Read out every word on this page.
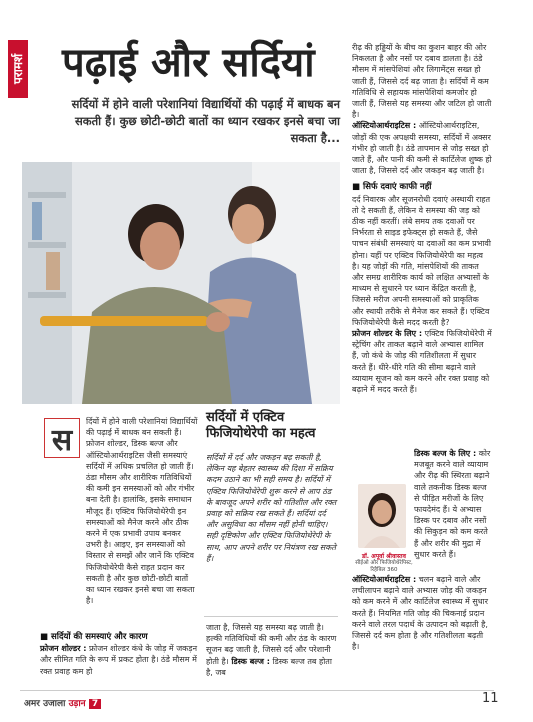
परामर्श पढ़ाई और सर्दियां
सर्दियों में होने वाली परेशानियां विद्यार्थियों की पढ़ाई में बाधक बन सकती हैं। कुछ छोटी-छोटी बातों का ध्यान रखकर इनसे बचा जा सकता है...
स
र्दियों में होने वाली परेशानियां विद्यार्थियों की पढ़ाई में बाधक बन सकती हैं। फ्रोजन शोल्डर, डिस्क बल्ज और ऑस्टियोआर्थराइटिस जैसी समस्याएं सर्दियों में अधिक प्रचलित हो जाती हैं। ठंडा मौसम और शारीरिक गतिविधियों की कमी इन समस्याओं को और गंभीर बना देती है। हालांकि, इसके समाधान
मौजूद हैं। एक्टिव फिजियोथेरेपी इन समस्याओं को मैनेज करने और ठीक करने में एक प्रभावी उपाय बनकर उभरी है। आइए, इन समस्याओं को विस्तार से समझें और जानें कि एक्टिव फिजियोथेरेपी कैसे राहत प्रदान कर सकती है और कुछ छोटी-छोटी बातों का ध्यान रखकर इनसे बचा जा सकता है।
■ सर्दियों की समस्याएं और कारण
फ्रोजन शोल्डर : फ्रोजन शोल्डर कंधे के जोड़ में जकड़न और सीमित गति के रूप में प्रकट होता है। ठंडे मौसम में रक्त प्रवाह कम हो
सर्दियों में एक्टिव फिजियोथेरेपी का महत्व
सर्दियों में दर्द और जकड़न बढ़ सकती है, लेकिन यह बेहतर स्वास्थ्य की दिशा में सक्रिय कदम उठाने का भी सही समय है। सर्दियों में एक्टिव फिजियोथेरेपी शुरू करने से आप ठंड के बावजूद अपने शरीर को गतिशील और रक्त प्रवाह को सक्रिय रख सकते हैं। सर्दियां दर्द और असुविधा का मौसम नहीं होनी चाहिए। सही दृष्टिकोण और एक्टिव फिजियोथेरेपी के साथ, आप अपने शरीर पर नियंत्रण रख सकते हैं।
जाता है, जिससे यह समस्या बढ़ जाती है। हल्की गतिविधियों की कमी और ठंड के कारण सूजन बढ़ जाती है, जिससे दर्द और परेशानी होती है। डिस्क बल्ज : डिस्क बल्ज तब होता है, जब
रीढ़ की हड्डियों के बीच का कुशन बाहर की ओर निकलता है और नसों पर दबाव डालता है। ठंडे मौसम में मांसपेशियां और लिगामेंट्स सख्त हो जाती हैं, जिससे दर्द बढ़ जाता है। सर्दियों में कम गतिविधि से सहायक मांसपेशियां कमजोर हो जाती हैं, जिससे यह समस्या और जटिल हो जाती है।
ऑस्टियोआर्थराइटिस : ऑस्टियोआर्थराइटिस, जोड़ों की एक अपक्षयी समस्या, सर्दियों में अक्सर गंभीर हो जाती है। ठंडे तापमान से जोड़ सख्त हो जाते हैं, और पानी की कमी से कार्टिलेज शुष्क हो जाता है, जिससे दर्द और जकड़न बढ़ जाती है।
■ सिर्फ दवाएं काफी नहीं
दर्द निवारक और सूजनरोधी दवाएं अस्थायी राहत तो दे सकती हैं, लेकिन वे समस्या की जड़ को ठीक नहीं करतीं। लंबे समय तक दवाओं पर निर्भरता से साइड इफेक्ट्स हो सकते हैं, जैसे पाचन संबंधी समस्याएं या दवाओं का कम प्रभावी होना। यहीं पर एक्टिव फिजियोथेरेपी का महत्व है। यह जोड़ों की गति, मांसपेशियों की ताकत और समग्र शारीरिक कार्य को लक्षित अभ्यासों के माध्यम से सुधारने पर ध्यान केंद्रित करती है, जिससे मरीज अपनी समस्याओं को प्राकृतिक और स्थायी तरीके से मैनेज कर सकते हैं। एक्टिव फिजियोथेरेपी कैसे मदद करती है?
फ्रोजन शोल्डर के लिए : एक्टिव फिजियोथेरेपी में स्ट्रेचिंग और ताकत बढ़ाने वाले अभ्यास शामिल हैं, जो कंधे के जोड़ की गतिशीलता में सुधार करते हैं। धीरे-धीरे गति की सीमा बढ़ाने वाले व्यायाम सूजन को कम करने और रक्त प्रवाह को बढ़ाने में मदद करते हैं।
डिस्क बल्ज के लिए : कोर मजबूत करने वाले व्यायाम और रीढ़ की स्थिरता बढ़ाने वाले तकनीक डिस्क बल्ज से पीड़ित मरीजों के लिए फायदेमंद हैं। ये अभ्यास डिस्क पर दबाव और नसों की सिकुड़न को कम करते हैं और शरीर की मुद्रा में सुधार करते हैं।
डॉ. अपूर्वा श्रीवास्तव
सीईओ और फिजियोथेरेपिस्ट, रिहैबिल 360
ऑस्टियोआर्थराइटिस : चलन बढ़ाने वाले और लचीलापन बढ़ाने वाले अभ्यास जोड़ की जकड़न को कम करने में और कार्टिलेज स्वास्थ्य में सुधार करते हैं। नियमित गति जोड़ की चिकनाई प्रदान करने वाले तरल पदार्थ के उत्पादन को बढ़ाती है, जिससे दर्द कम होता है और गतिशीलता बढ़ती है।
अमर उजाला उड़ान 7	11
